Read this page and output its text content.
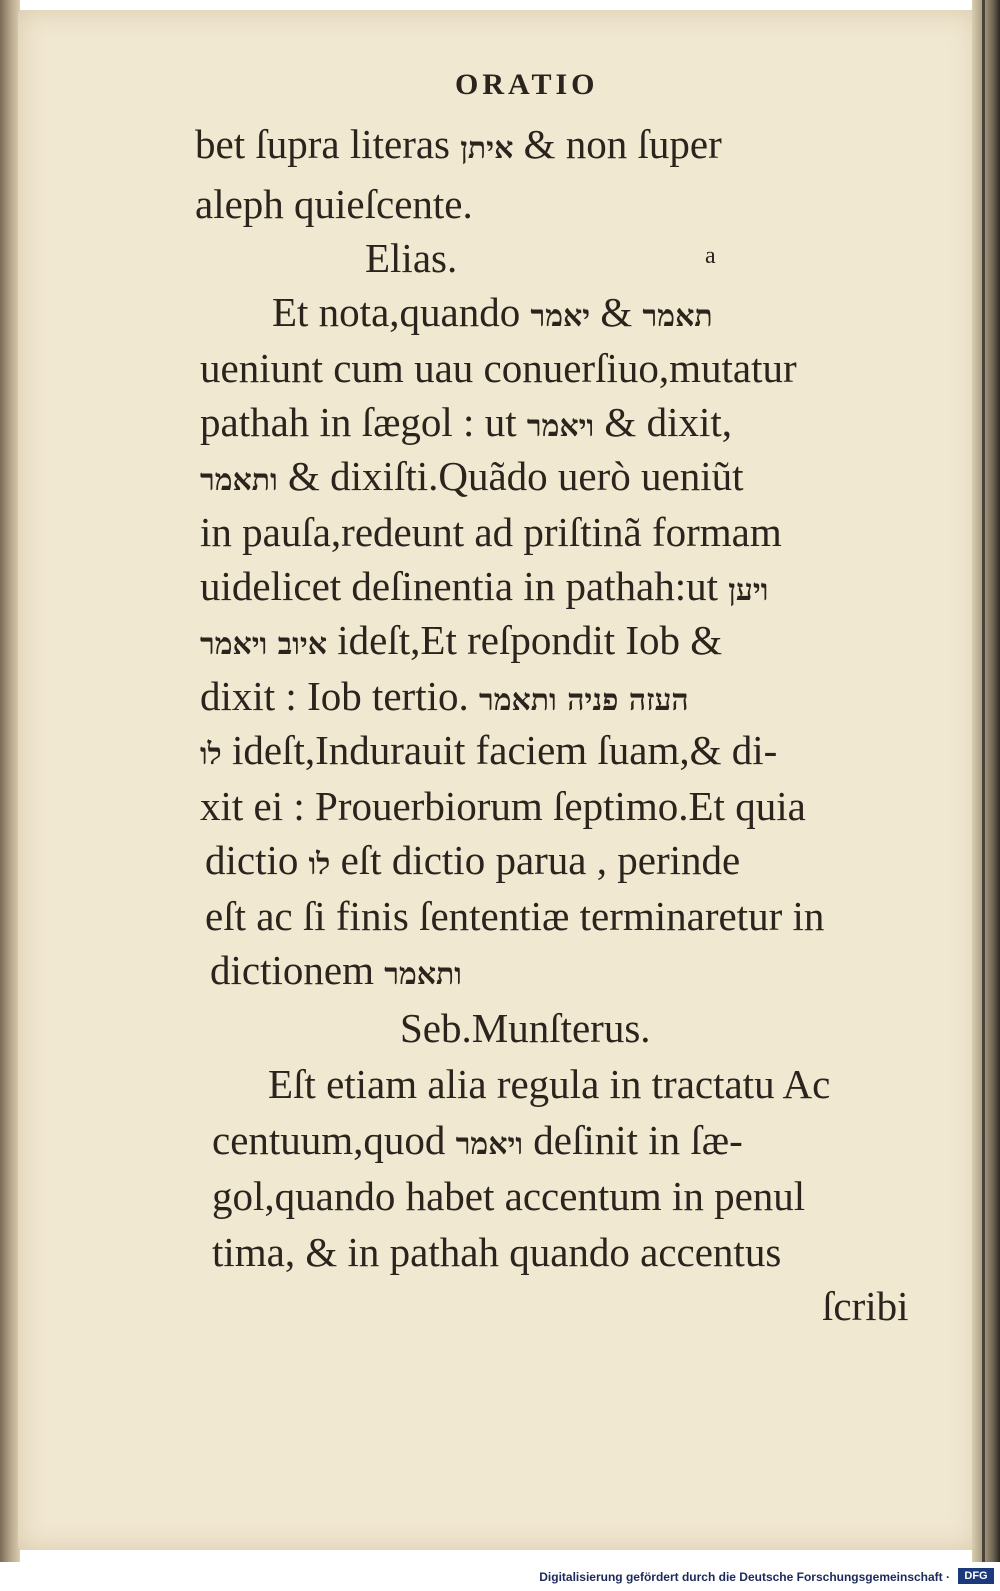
ORATIO
bet ſupra literas איתן & non ſuper
aleph quieſcente.
Elias.	a
Et nota,quando יאמר & תאמר
ueniunt cum uau conuerſiuo,mutatur
pathah in ſægol : ut ויאמר & dixit,
ותאמר & dixiſti.Quãdo uerò ueniũt
in pauſa,redeunt ad priſtinã formam
uidelicet deſinentia in pathah:ut ויען
איוב ויאמר ideſt,Et reſpondit Iob &
dixit : Iob tertio. העזה פניה ותאמר
לו ideſt,Indurauit faciem ſuam,& di-
xit ei : Prouerbiorum ſeptimo.Et quia
dictio לו eſt dictio parua , perinde
eſt ac ſi finis ſententiæ terminaretur in
dictionem ותאמר
Seb.Munſterus.
Eſt etiam alia regula in tractatu Ac
centuum,quod ויאמר deſinit in ſæ-
gol,quando habet accentum in penul
tima, & in pathah quando accentus
ſcribi
Digitalisierung gefördert durch die Deutsche Forschungsgemeinschaft ·	DFG
